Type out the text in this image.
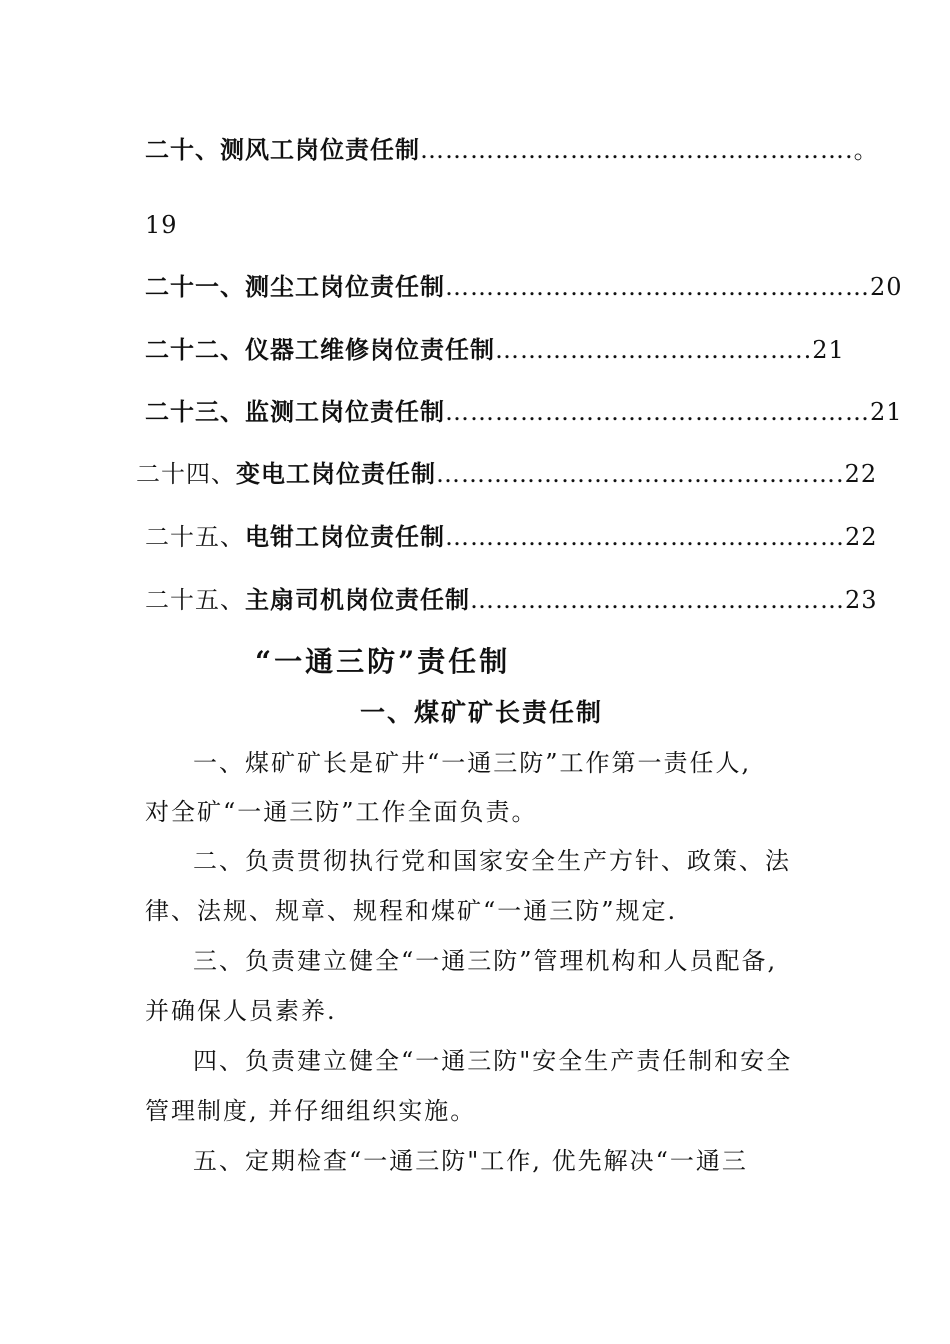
二十、测风工岗位责任制…………………………………………….。
19
二十一、测尘工岗位责任制……………………………………………20
二十二、仪器工维修岗位责任制………………………………..21
二十三、监测工岗位责任制……………………………………………21
二十四、变电工岗位责任制………………………………………….22
二十五、电钳工岗位责任制…………………………………………22
二十五、主扇司机岗位责任制………………………………………23
“一通三防”责任制
一、煤矿矿长责任制
一、煤矿矿长是矿井“一通三防”工作第一责任人,
对全矿“一通三防”工作全面负责。
二、负责贯彻执行党和国家安全生产方针、政策、法
律、法规、规章、规程和煤矿“一通三防”规定.
三、负责建立健全“一通三防”管理机构和人员配备,
并确保人员素养.
四、负责建立健全“一通三防"安全生产责任制和安全
管理制度, 并仔细组织实施。
五、定期检查“一通三防"工作, 优先解决“一通三
